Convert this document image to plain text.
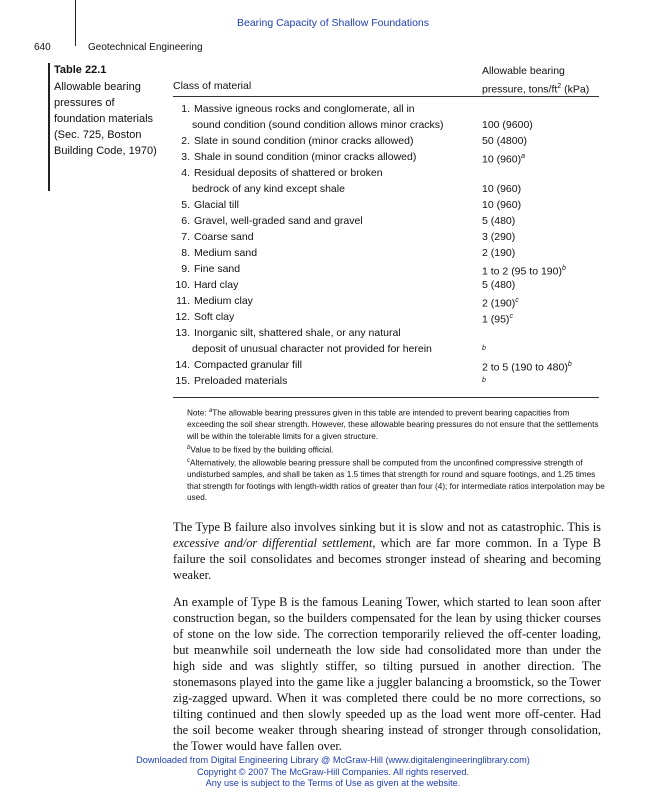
Bearing Capacity of Shallow Foundations
640	Geotechnical Engineering
Table 22.1
Allowable bearing pressures of foundation materials
(Sec. 725, Boston Building Code, 1970)
Class of material
Allowable bearing
pressure, tons/$ft^2$ (kPa)
1. Massive igneous rocks and conglomerate, all in
sound condition (sound condition allows minor cracks)	100 (9600)
2. Slate in sound condition (minor cracks allowed)	50 (4800)
3. Shale in sound condition (minor cracks allowed)	10 $(960)^a$
4. Residual deposits of shattered or broken
bedrock of any kind except shale	10 (960)
5. Glacial till	10 (960)
6. Gravel, well-graded sand and gravel	5 (480)
7. Coarse sand	3 (290)
8. Medium sand	2 (190)
9. Fine sand	1 to 2 (95 to 190)$^b$
10. Hard clay	5 (480)
11. Medium clay	2 $(190)^c$
12. Soft clay	1 $(95)^c$
13. Inorganic silt, shattered shale, or any natural
deposit of unusual character not provided for herein	$^b$
14. Compacted granular fill	2 to 5 (190 to 480)$^b$
15. Preloaded materials	$^b$

Note: $^a$The allowable bearing pressures given in this table are intended to prevent bearing capacities from exceeding the soil shear strength. However, these allowable bearing pressures do not ensure that the settlements will be within the tolerable limits for a given structure.

$^b$Value to be fixed by the building official.

$^c$Alternatively, the allowable bearing pressure shall be computed from the unconfined compressive strength of undisturbed samples, and shall be taken as 1.5 times that strength for round and square footings, and 1.25 times that strength for footings with length-width ratios of greater than four (4); for intermediate ratios interpolation may be used.

The Type B failure also involves sinking but it is slow and not as catastrophic. This is excessive and/or differential settlement, which are far more common. In a Type B failure the soil consolidates and becomes stronger instead of shearing and becoming weaker.

An example of Type B is the famous Leaning Tower, which started to lean soon after construction began, so the builders compensated for the lean by using thicker courses of stone on the low side. The correction temporarily relieved the off-center loading, but meanwhile soil underneath the low side had consolidated more than under the high side and was slightly stiffer, so tilting pursued in another direction. The stonemasons played into the game like a juggler balancing a broomstick, so the Tower zig-zagged upward. When it was completed there could be no more corrections, so tilting continued and then slowly speeded up as the load went more off-center. Had the soil become weaker through shearing instead of stronger through consolidation, the Tower would have fallen over.

Downloaded from Digital Engineering Library @ McGraw-Hill (www.digitalengineeringlibrary.com)
Copyright © 2007 The McGraw-Hill Companies. All rights reserved.
Any use is subject to the Terms of Use as given at the website.
